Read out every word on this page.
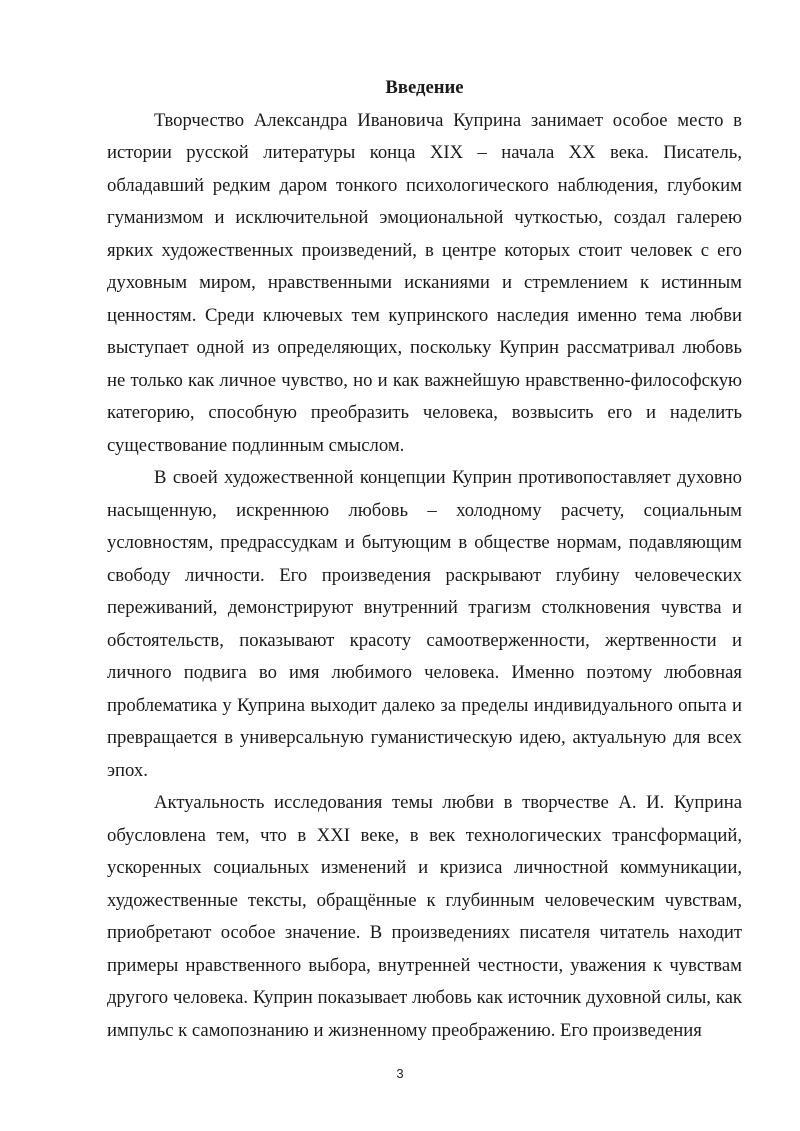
Введение

Творчество Александра Ивановича Куприна занимает особое место в истории русской литературы конца XIX – начала XX века. Писатель, обладавший редким даром тонкого психологического наблюдения, глубоким гуманизмом и исключительной эмоциональной чуткостью, создал галерею ярких художественных произведений, в центре которых стоит человек с его духовным миром, нравственными исканиями и стремлением к истинным ценностям. Среди ключевых тем купринского наследия именно тема любви выступает одной из определяющих, поскольку Куприн рассматривал любовь не только как личное чувство, но и как важнейшую нравственно-философскую категорию, способную преобразить человека, возвысить его и наделить существование подлинным смыслом.

В своей художественной концепции Куприн противопоставляет духовно насыщенную, искреннюю любовь – холодному расчету, социальным условностям, предрассудкам и бытующим в обществе нормам, подавляющим свободу личности. Его произведения раскрывают глубину человеческих переживаний, демонстрируют внутренний трагизм столкновения чувства и обстоятельств, показывают красоту самоотверженности, жертвенности и личного подвига во имя любимого человека. Именно поэтому любовная проблематика у Куприна выходит далеко за пределы индивидуального опыта и превращается в универсальную гуманистическую идею, актуальную для всех эпох.

Актуальность исследования темы любви в творчестве А. И. Куприна обусловлена тем, что в XXI веке, в век технологических трансформаций, ускоренных социальных изменений и кризиса личностной коммуникации, художественные тексты, обращённые к глубинным человеческим чувствам, приобретают особое значение. В произведениях писателя читатель находит примеры нравственного выбора, внутренней честности, уважения к чувствам другого человека. Куприн показывает любовь как источник духовной силы, как импульс к самопознанию и жизненному преображению. Его произведения

3
